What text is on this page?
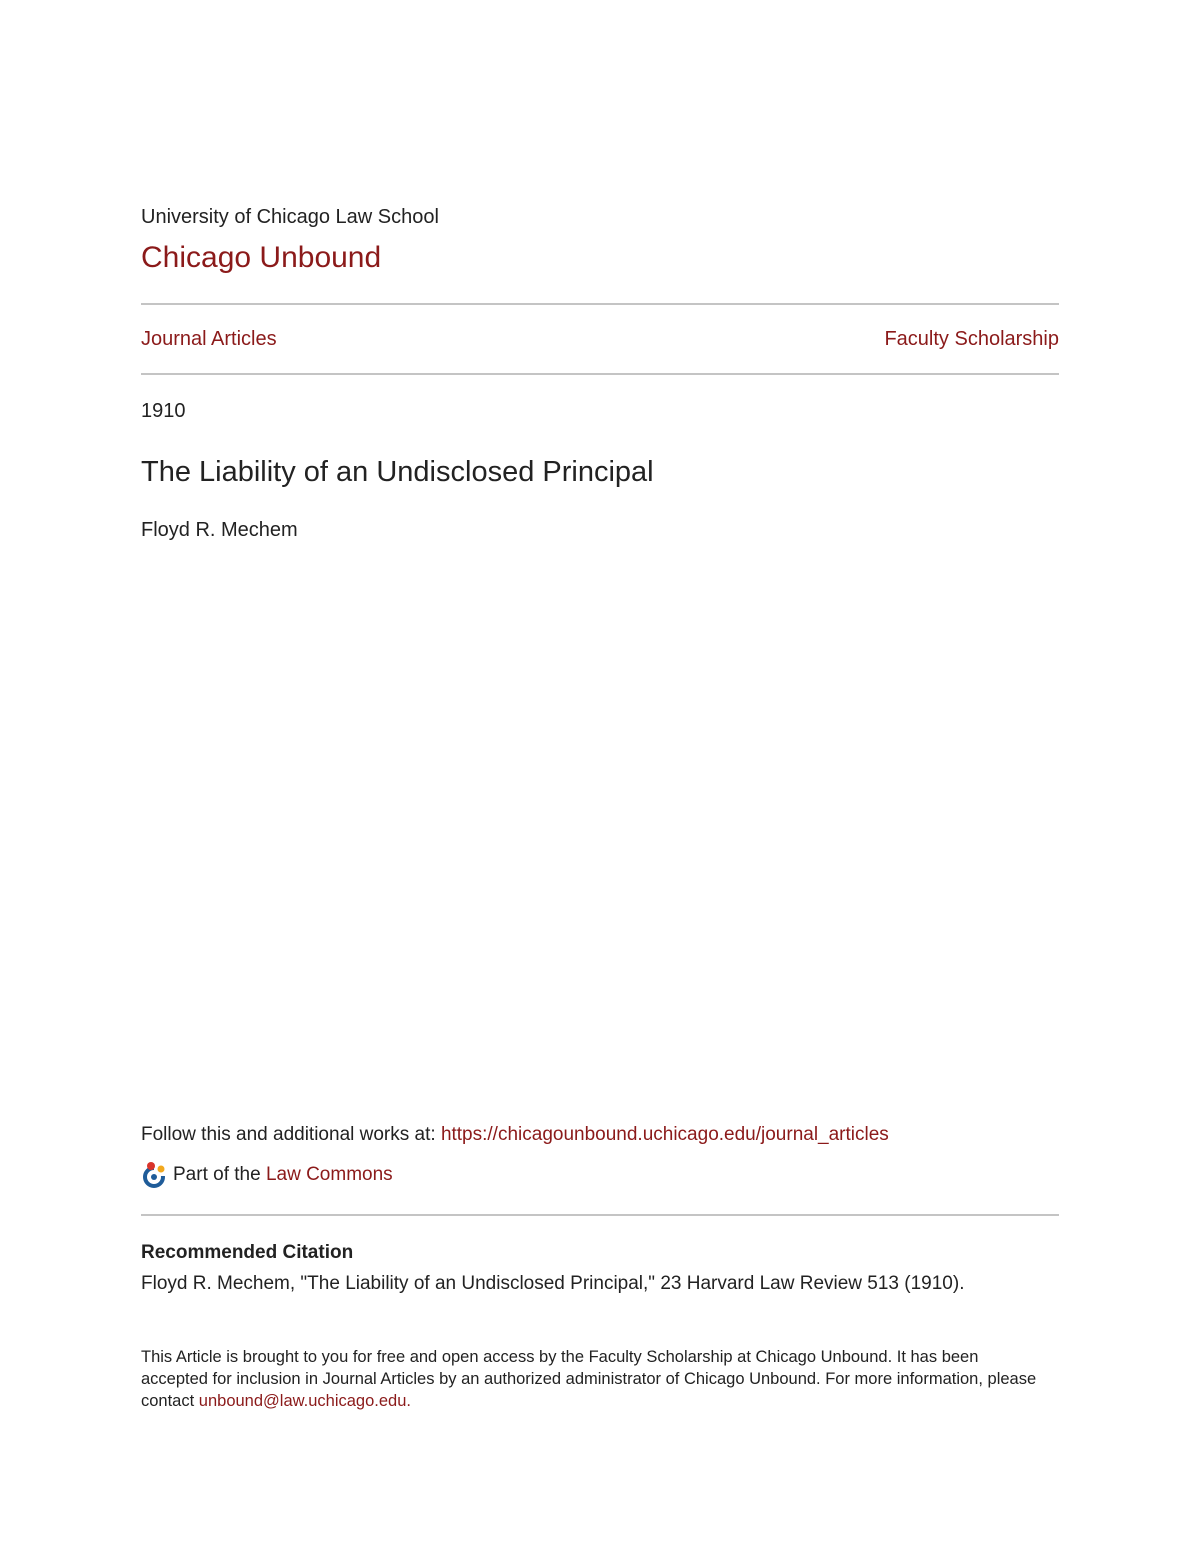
University of Chicago Law School

Chicago Unbound

Journal Articles	Faculty Scholarship

1910

The Liability of an Undisclosed Principal

Floyd R. Mechem

Follow this and additional works at: https://chicagounbound.uchicago.edu/journal_articles

Part of the
Law Commons

Recommended Citation

Floyd R. Mechem, "The Liability of an Undisclosed Principal," 23 Harvard Law Review 513 (1910).

This Article is brought to you for free and open access by the Faculty Scholarship at Chicago Unbound. It has been accepted for inclusion in Journal Articles by an authorized administrator of Chicago Unbound. For more information, please contact unbound@law.uchicago.edu.
